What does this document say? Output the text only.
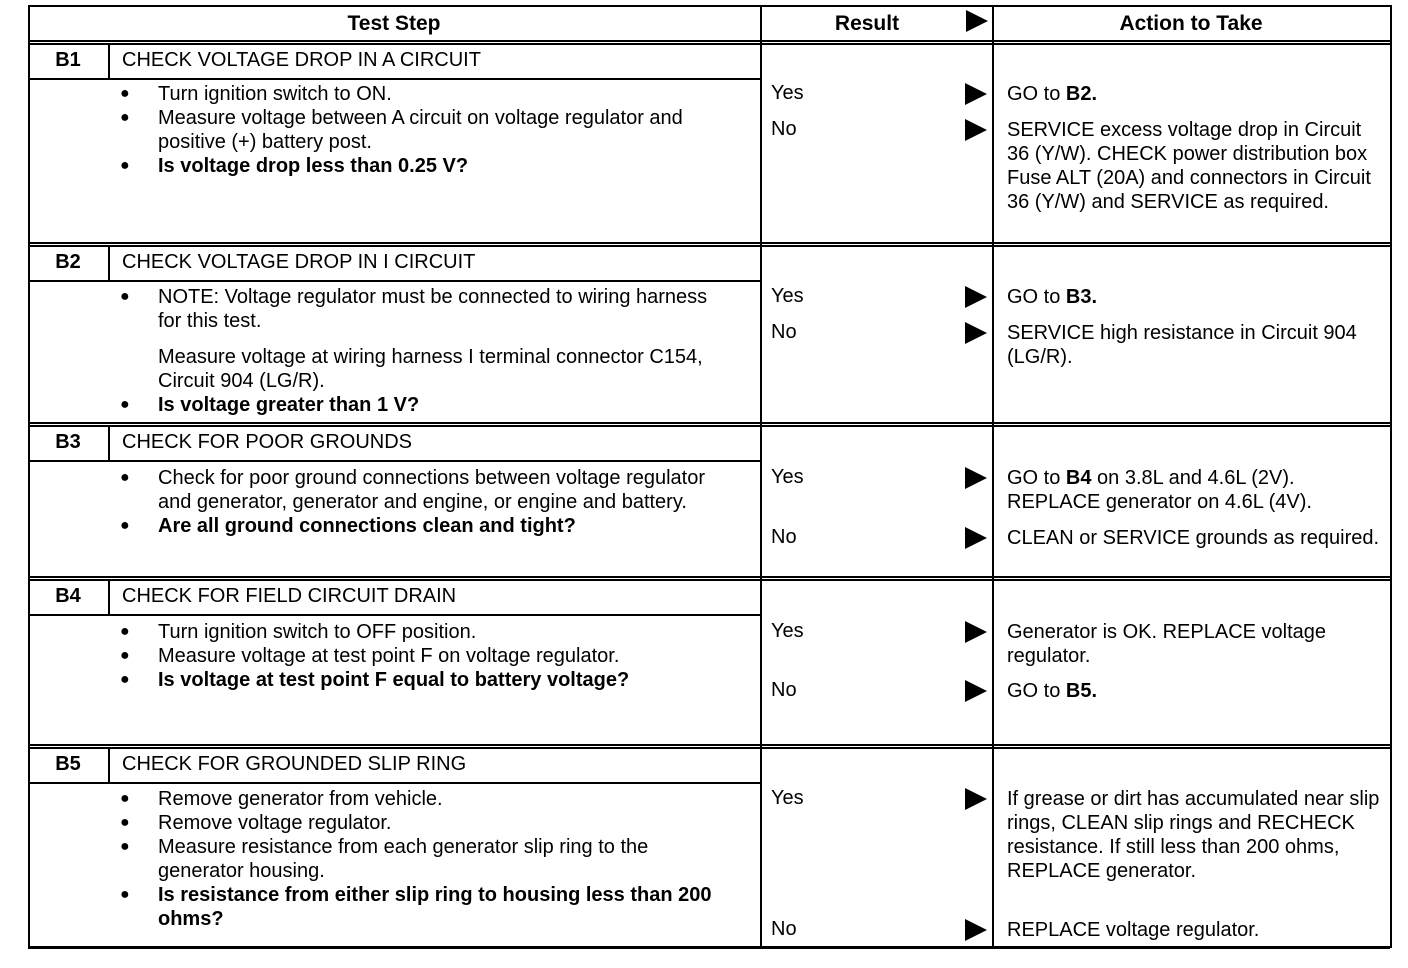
Test Step	Result	Action to Take
B1	CHECK VOLTAGE DROP IN A CIRCUIT
● Turn ignition switch to ON.
● Measure voltage between A circuit on voltage regulator and positive (+) battery post.
● Is voltage drop less than 0.25 V?
Yes	GO to B2.
No	SERVICE excess voltage drop in Circuit 36 (Y/W). CHECK power distribution box Fuse ALT (20A) and connectors in Circuit 36 (Y/W) and SERVICE as required.
B2	CHECK VOLTAGE DROP IN I CIRCUIT
● NOTE: Voltage regulator must be connected to wiring harness for this test.
Measure voltage at wiring harness I terminal connector C154, Circuit 904 (LG/R).
● Is voltage greater than 1 V?
Yes	GO to B3.
No	SERVICE high resistance in Circuit 904 (LG/R).
B3	CHECK FOR POOR GROUNDS
● Check for poor ground connections between voltage regulator and generator, generator and engine, or engine and battery.
● Are all ground connections clean and tight?
Yes	GO to B4 on 3.8L and 4.6L (2V). REPLACE generator on 4.6L (4V).
No	CLEAN or SERVICE grounds as required.
B4	CHECK FOR FIELD CIRCUIT DRAIN
● Turn ignition switch to OFF position.
● Measure voltage at test point F on voltage regulator.
● Is voltage at test point F equal to battery voltage?
Yes	Generator is OK. REPLACE voltage regulator.
No	GO to B5.
B5	CHECK FOR GROUNDED SLIP RING
● Remove generator from vehicle.
● Remove voltage regulator.
● Measure resistance from each generator slip ring to the generator housing.
● Is resistance from either slip ring to housing less than 200 ohms?
Yes	If grease or dirt has accumulated near slip rings, CLEAN slip rings and RECHECK resistance. If still less than 200 ohms, REPLACE generator.
No	REPLACE voltage regulator.
